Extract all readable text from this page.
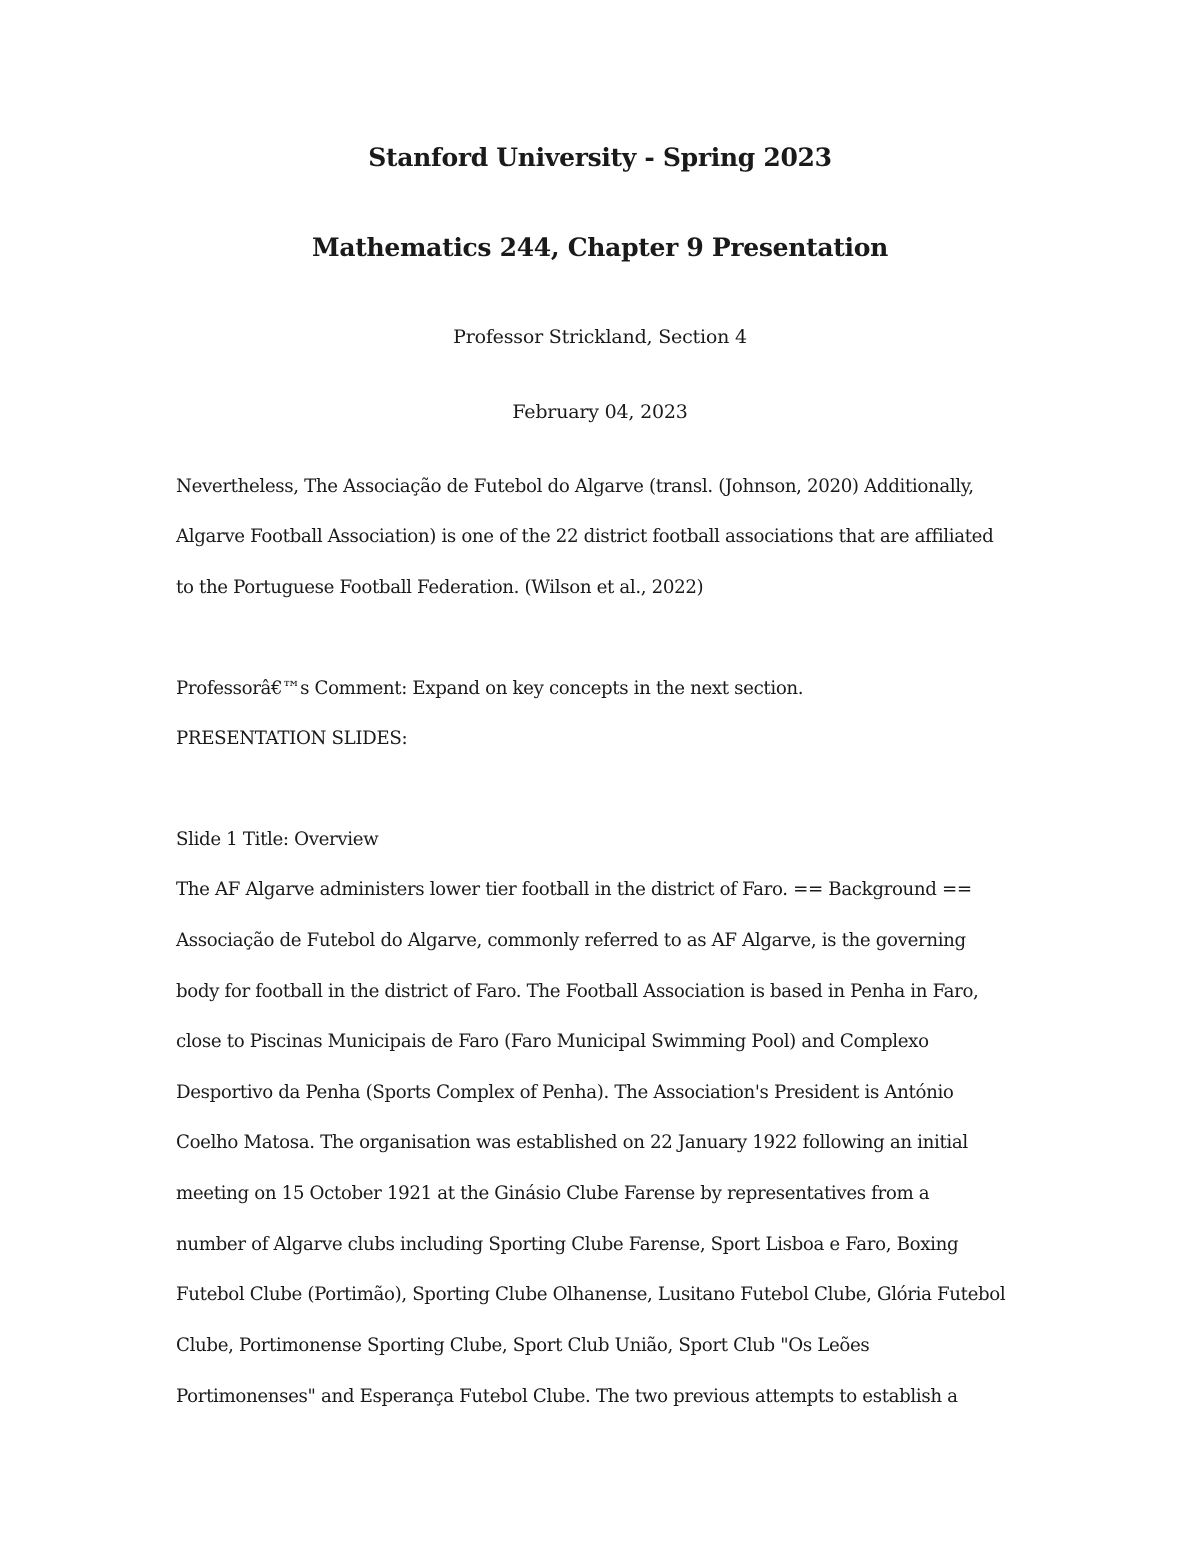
Stanford University - Spring 2023
Mathematics 244, Chapter 9 Presentation
Professor Strickland, Section 4
February 04, 2023
Nevertheless, The Associação de Futebol do Algarve (transl. (Johnson, 2020) Additionally,
Algarve Football Association) is one of the 22 district football associations that are affiliated
to the Portuguese Football Federation. (Wilson et al., 2022)
Professorâ€™s Comment: Expand on key concepts in the next section.
PRESENTATION SLIDES:
Slide 1 Title: Overview
The AF Algarve administers lower tier football in the district of Faro. == Background ==
Associação de Futebol do Algarve, commonly referred to as AF Algarve, is the governing
body for football in the district of Faro. The Football Association is based in Penha in Faro,
close to Piscinas Municipais de Faro (Faro Municipal Swimming Pool) and Complexo
Desportivo da Penha (Sports Complex of Penha). The Association's President is António
Coelho Matosa. The organisation was established on 22 January 1922 following an initial
meeting on 15 October 1921 at the Ginásio Clube Farense by representatives from a
number of Algarve clubs including Sporting Clube Farense, Sport Lisboa e Faro, Boxing
Futebol Clube (Portimão), Sporting Clube Olhanense, Lusitano Futebol Clube, Glória Futebol
Clube, Portimonense Sporting Clube, Sport Club União, Sport Club "Os Leões
Portimonenses" and Esperança Futebol Clube. The two previous attempts to establish a
